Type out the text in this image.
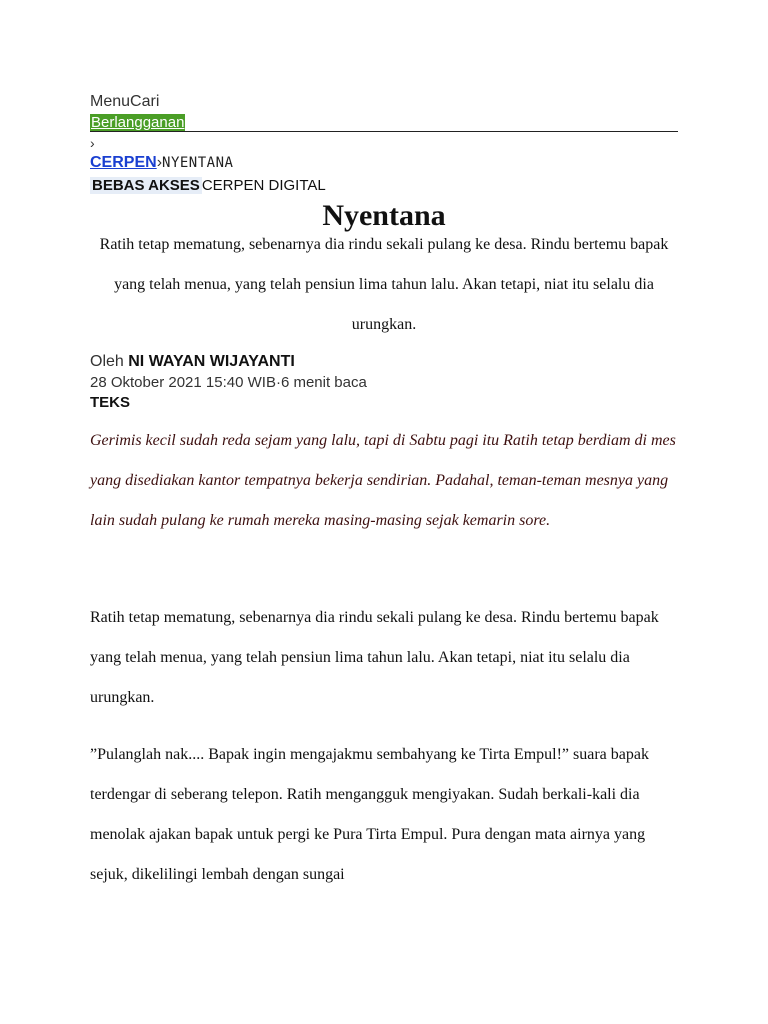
MenuCari
Berlangganan
›
CERPEN›NYENTANA
BEBAS AKSES CERPEN DIGITAL
Nyentana

Ratih tetap mematung, sebenarnya dia rindu sekali pulang ke desa. Rindu bertemu bapak yang telah menua, yang telah pensiun lima tahun lalu. Akan tetapi, niat itu selalu dia urungkan.

Oleh NI WAYAN WIJAYANTI
28 Oktober 2021 15:40 WIB·6 menit baca
TEKS

Gerimis kecil sudah reda sejam yang lalu, tapi di Sabtu pagi itu Ratih tetap berdiam di mes yang disediakan kantor tempatnya bekerja sendirian. Padahal, teman-teman mesnya yang lain sudah pulang ke rumah mereka masing-masing sejak kemarin sore.

Ratih tetap mematung, sebenarnya dia rindu sekali pulang ke desa. Rindu bertemu bapak yang telah menua, yang telah pensiun lima tahun lalu. Akan tetapi, niat itu selalu dia urungkan.

”Pulanglah nak.... Bapak ingin mengajakmu sembahyang ke Tirta Empul!” suara bapak terdengar di seberang telepon. Ratih mengangguk mengiyakan. Sudah berkali-kali dia menolak ajakan bapak untuk pergi ke Pura Tirta Empul. Pura dengan mata airnya yang sejuk, dikelilingi lembah dengan sungai
